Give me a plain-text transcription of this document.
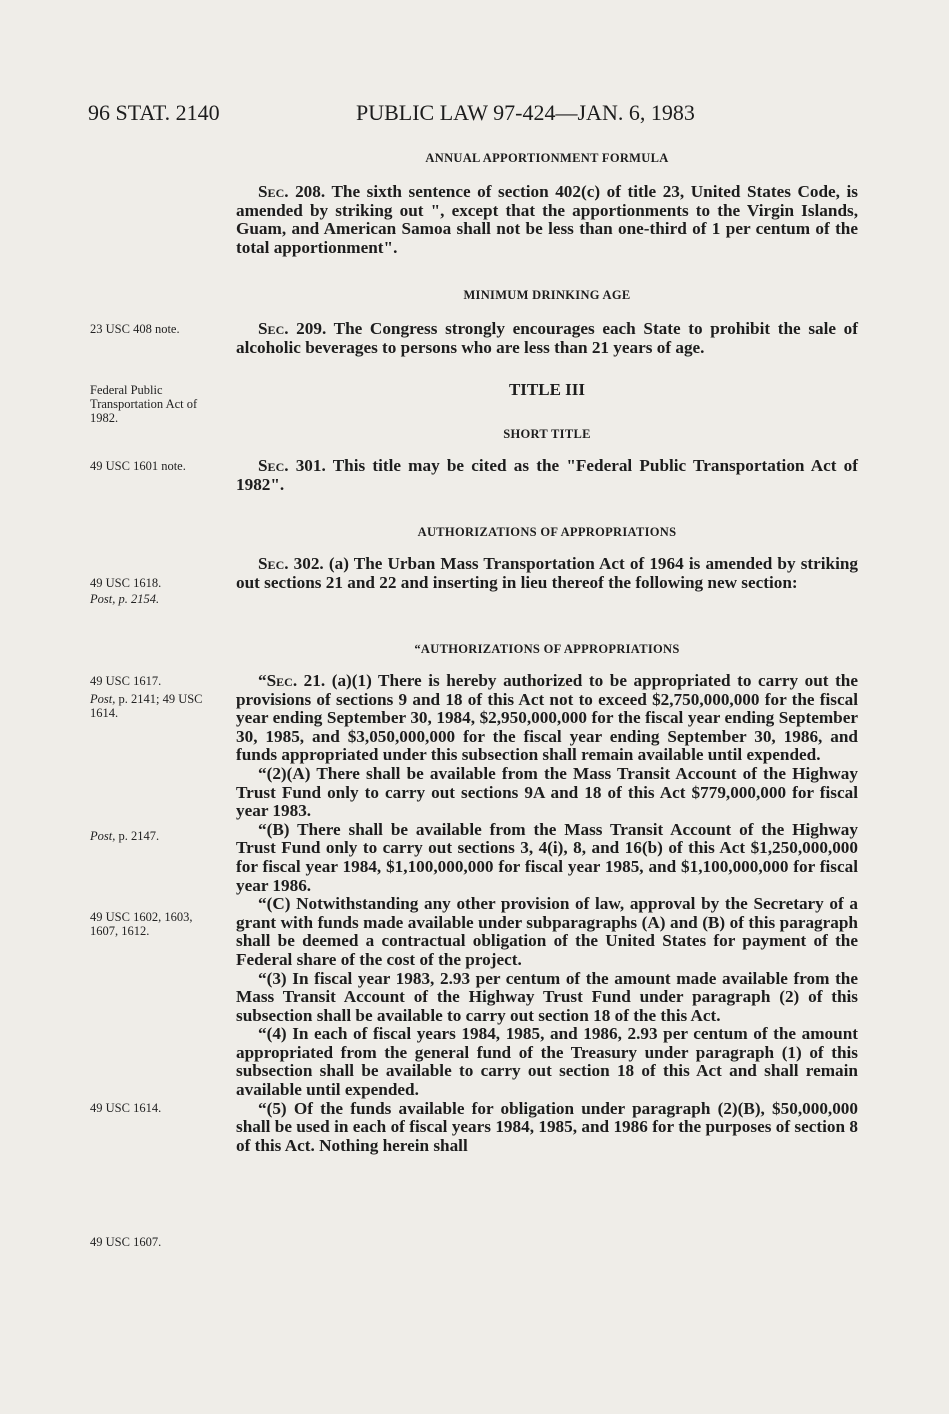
96 STAT. 2140	PUBLIC LAW 97-424—JAN. 6, 1983
ANNUAL APPORTIONMENT FORMULA

Sec. 208. The sixth sentence of section 402(c) of title 23, United States Code, is amended by striking out ", except that the apportionments to the Virgin Islands, Guam, and American Samoa shall not be less than one-third of 1 per centum of the total apportionment".

MINIMUM DRINKING AGE
23 USC 408 note.	Sec. 209. The Congress strongly encourages each State to prohibit the sale of alcoholic beverages to persons who are less than 21 years of age.

TITLE III
Federal Public Transportation Act of 1982.
SHORT TITLE
49 USC 1601 note.	Sec. 301. This title may be cited as the "Federal Public Transportation Act of 1982".

AUTHORIZATIONS OF APPROPRIATIONS

Sec. 302. (a) The Urban Mass Transportation Act of 1964 is amended by striking out sections 21 and 22 and inserting in lieu thereof the following new section:

49 USC 1618.
Post, p. 2154.
“AUTHORIZATIONS OF APPROPRIATIONS
49 USC 1617.
Post, p. 2141; 49 USC 1614.
Post, p. 2147.
49 USC 1602, 1603, 1607, 1612.
49 USC 1614.
49 USC 1607.

“Sec. 21. (a)(1) There is hereby authorized to be appropriated to carry out the provisions of sections 9 and 18 of this Act not to exceed $2,750,000,000 for the fiscal year ending September 30, 1984, $2,950,000,000 for the fiscal year ending September 30, 1985, and $3,050,000,000 for the fiscal year ending September 30, 1986, and funds appropriated under this subsection shall remain available until expended.

“(2)(A) There shall be available from the Mass Transit Account of the Highway Trust Fund only to carry out sections 9A and 18 of this Act $779,000,000 for fiscal year 1983.

“(B) There shall be available from the Mass Transit Account of the Highway Trust Fund only to carry out sections 3, 4(i), 8, and 16(b) of this Act $1,250,000,000 for fiscal year 1984, $1,100,000,000 for fiscal year 1985, and $1,100,000,000 for fiscal year 1986.

“(C) Notwithstanding any other provision of law, approval by the Secretary of a grant with funds made available under subparagraphs (A) and (B) of this paragraph shall be deemed a contractual obligation of the United States for payment of the Federal share of the cost of the project.

“(3) In fiscal year 1983, 2.93 per centum of the amount made available from the Mass Transit Account of the Highway Trust Fund under paragraph (2) of this subsection shall be available to carry out section 18 of the this Act.

“(4) In each of fiscal years 1984, 1985, and 1986, 2.93 per centum of the amount appropriated from the general fund of the Treasury under paragraph (1) of this subsection shall be available to carry out section 18 of this Act and shall remain available until expended.

“(5) Of the funds available for obligation under paragraph (2)(B), $50,000,000 shall be used in each of fiscal years 1984, 1985, and 1986 for the purposes of section 8 of this Act. Nothing herein shall
